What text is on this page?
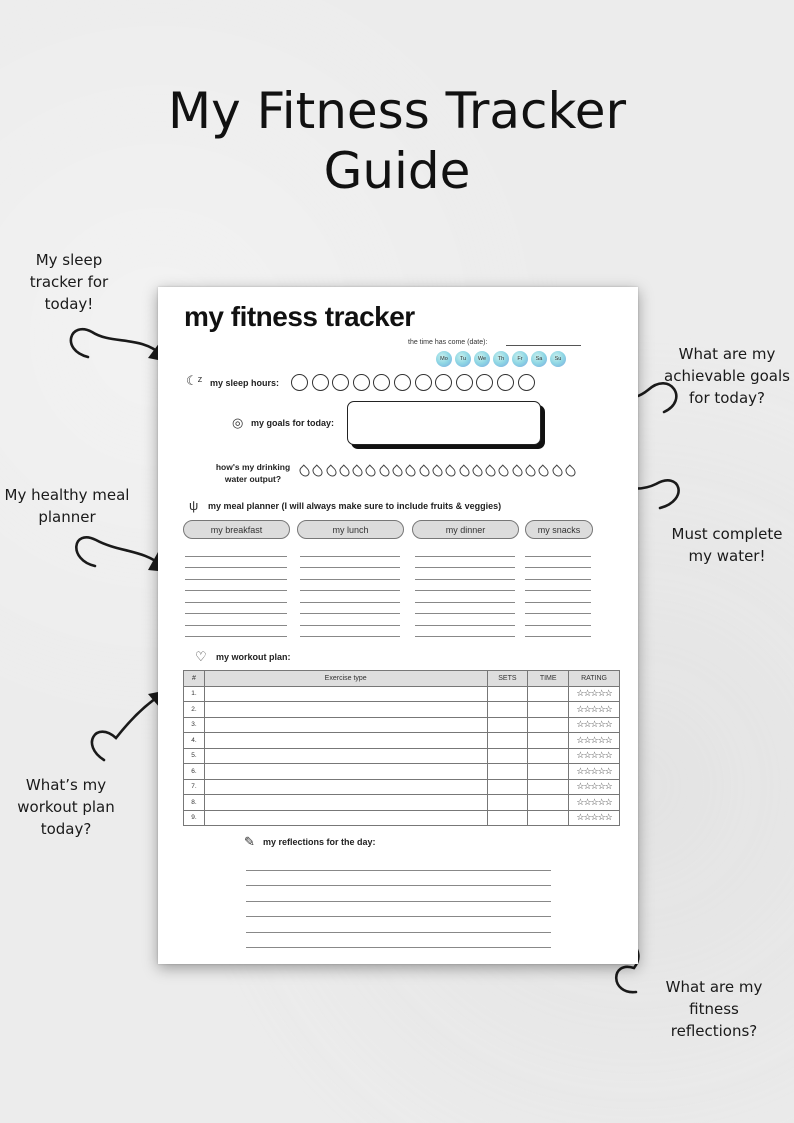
My Fitness Tracker
Guide
My sleep
tracker for
today!
My healthy meal
planner
What’s my
workout plan
today?
What are my
achievable goals
for today?
Must complete
my water!
What are my
fitness
reflections?
my fitness tracker
the time has come (date):
Mo	Tu	We	Th	Fr	Sa	Su
☾ᶻ my sleep hours:
◎ my goals for today:
how's my drinking
water output?
ψ my meal planner (I will always make sure to include fruits & veggies)
my breakfast	my lunch	my dinner	my snacks
♡ my workout plan:
#	Exercise type	SETS	TIME	RATING
1.				☆☆☆☆☆
2.				☆☆☆☆☆
3.				☆☆☆☆☆
4.				☆☆☆☆☆
5.				☆☆☆☆☆
6.				☆☆☆☆☆
7.				☆☆☆☆☆
8.				☆☆☆☆☆
9.				☆☆☆☆☆
✎ my reflections for the day:
